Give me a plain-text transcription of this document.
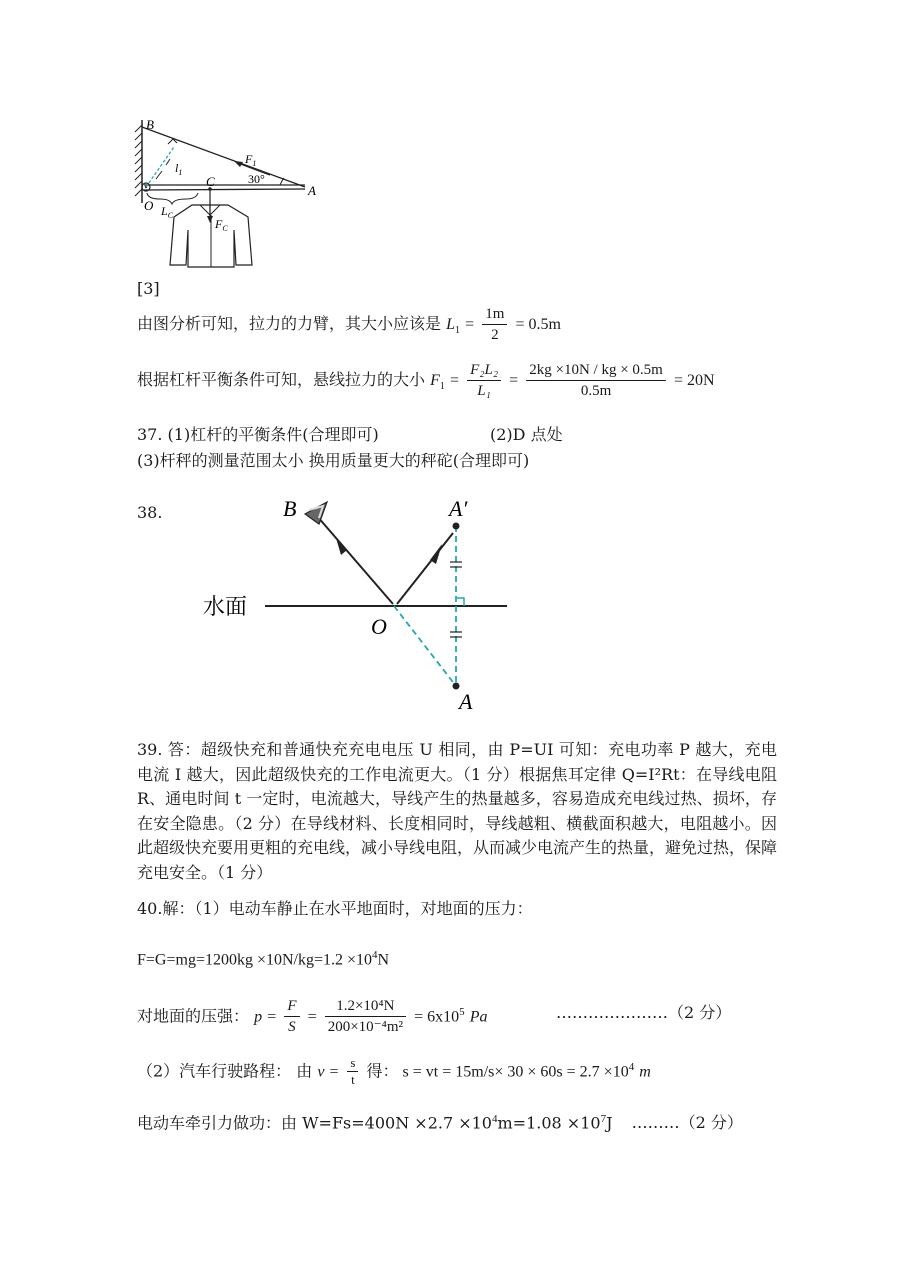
B
O $L_C$
C
$F_1$
30°
A
$l_1$
$F_C$
[3]
由图分析可知，拉力的力臂，其大小应该是 $L_1 = \frac{1m}{2} = 0.5m$
根据杠杆平衡条件可知，悬线拉力的大小 $F_1 = \frac{\text{F₂L₂}}{\text{L₁}} = \frac{2kg \times 10N / kg \times 0.5m}{0.5m} = 20N$
37. (1)杠杆的平衡条件(合理即可)	(2)D 点处
(3)杆秤的测量范围太小 换用质量更大的秤砣(合理即可)
38.	B	A′
水面
O
A
39. 答：超级快充和普通快充充电电压 U 相同，由 P=UI 可知：充电功率 P 越大，充电电流 I 越大，因此超级快充的工作电流更大。（1 分）根据焦耳定律 Q=I²Rt：在导线电阻 R、通电时间 t 一定时，电流越大，导线产生的热量越多，容易造成充电线过热、损坏，存在安全隐患。（2 分）在导线材料、长度相同时，导线越粗、横截面积越大，电阻越小。因此超级快充要用更粗的充电线，减小导线电阻，从而减少电流产生的热量，避免过热，保障充电安全。（1 分）
40.解：（1）电动车静止在水平地面时，对地面的压力：
$F=G=mg=1200kg \times 10N/kg=1.2 \times 10^4N$
对地面的压强： $p = \frac{F}{S} = \frac{\text{1.2×10⁴N}}{\text{200×10⁻⁴m²}} = 6x10^5$ Pa	…………………（2 分）
（2）汽车行驶路程： 由 $v = \frac{s}{t}$ 得： s = vt = $15m/s\times 30 \times 60s = 2.7 \times 10^4$ m
电动车牵引力做功：由 $W=Fs=400N \times 2.7 \times 10^4m=1.08 \times 10^7J$ ………（2 分）
